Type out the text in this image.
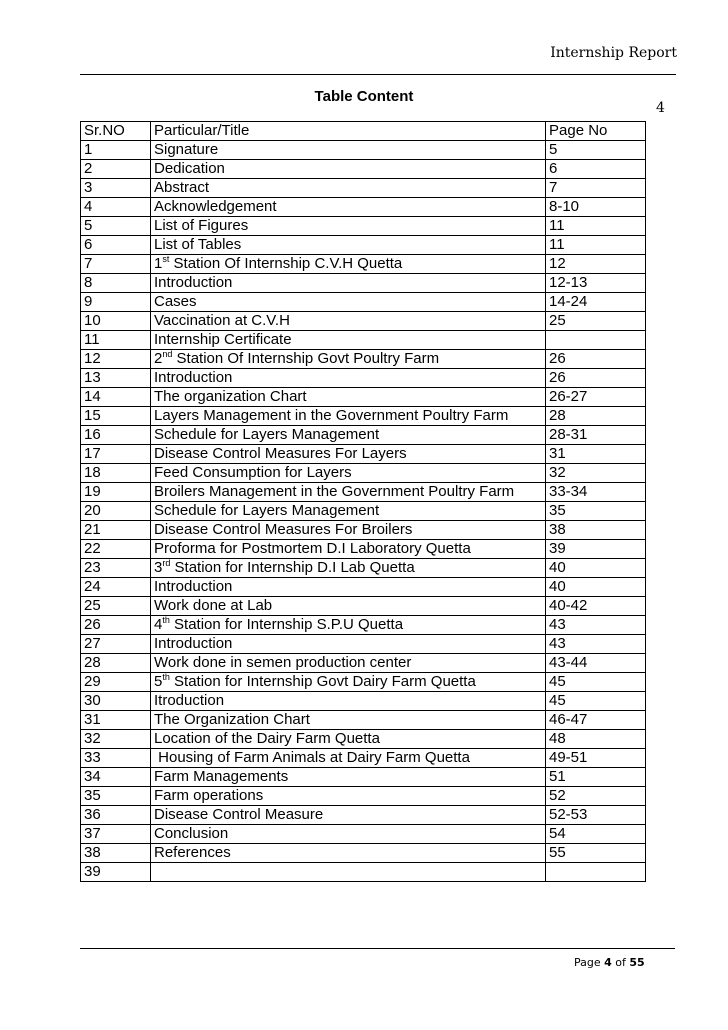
Internship Report
4
Table Content
Sr.NO	Particular/Title	Page No
1	Signature	5
2	Dedication	6
3	Abstract	7
4	Acknowledgement	8-10
5	List of Figures	11
6	List of Tables	11
7	1st Station Of Internship C.V.H Quetta	12
8	Introduction	12-13
9	Cases	14-24
10	Vaccination at C.V.H	25
11	Internship Certificate	
12	2nd Station Of Internship Govt Poultry Farm	26
13	Introduction	26
14	The organization Chart	26-27
15	Layers Management in the Government Poultry Farm	28
16	Schedule for Layers Management	28-31
17	Disease Control Measures For Layers	31
18	Feed Consumption for Layers	32
19	Broilers Management in the Government Poultry Farm	33-34
20	Schedule for Layers Management	35
21	Disease Control Measures For Broilers	38
22	Proforma for Postmortem D.I Laboratory Quetta	39
23	3rd Station for Internship D.I Lab Quetta	40
24	Introduction	40
25	Work done at Lab	40-42
26	4th Station for Internship S.P.U Quetta	43
27	Introduction	43
28	Work done in semen production center	43-44
29	5th Station for Internship Govt Dairy Farm Quetta	45
30	Itroduction	45
31	The Organization Chart	46-47
32	Location of the Dairy Farm Quetta	48
33	Housing of Farm Animals at Dairy Farm Quetta	49-51
34	Farm Managements	51
35	Farm operations	52
36	Disease Control Measure	52-53
37	Conclusion	54
38	References	55
39		
Page 4 of 55
